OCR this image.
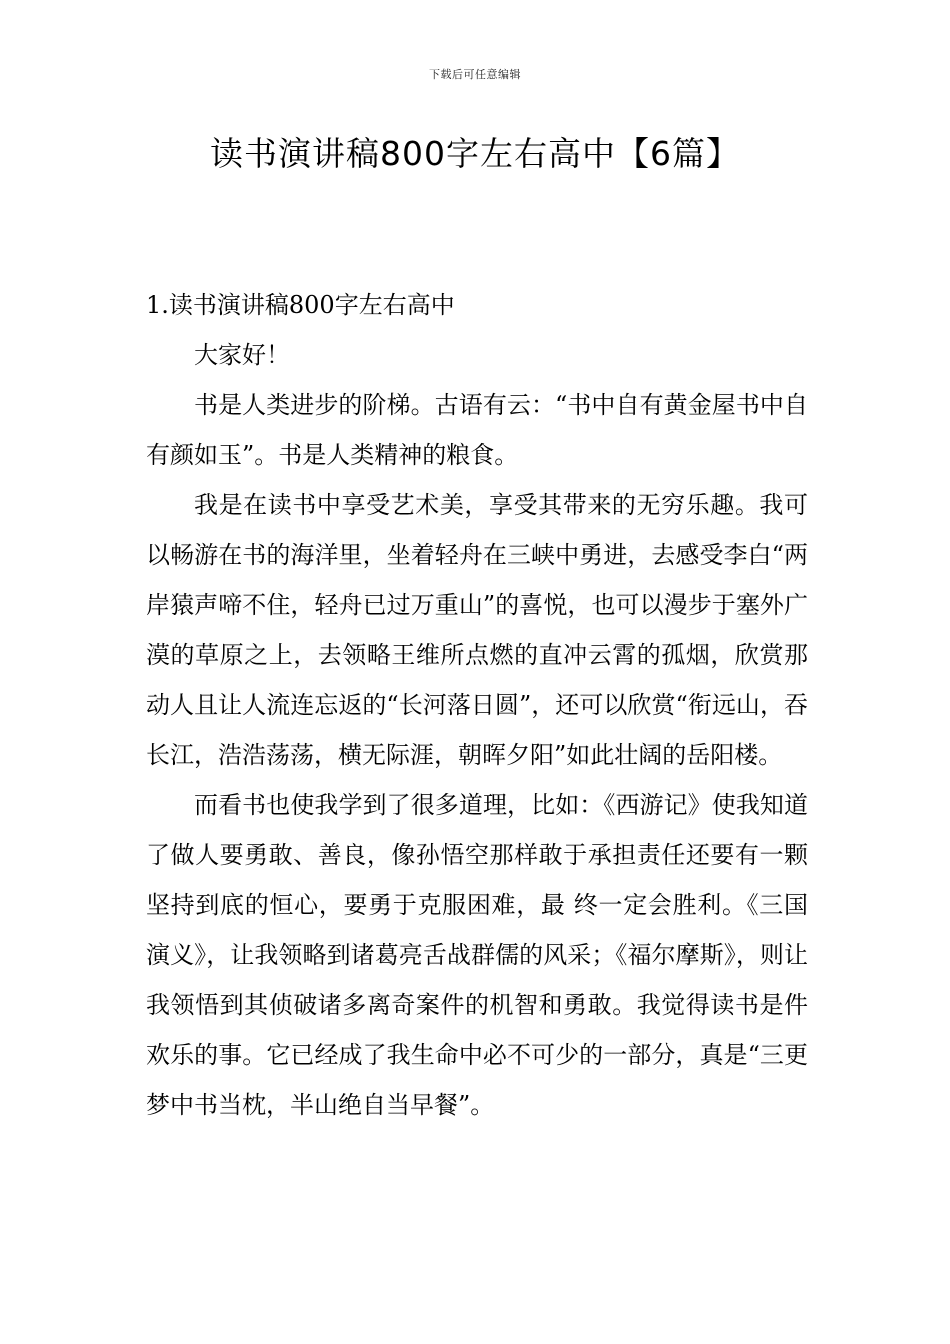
下载后可任意编辑
读书演讲稿800字左右高中【6篇】

1.读书演讲稿800字左右高中

大家好！

书是人类进步的阶梯。古语有云：“书中自有黄金屋书中自有颜如玉”。书是人类精神的粮食。

我是在读书中享受艺术美，享受其带来的无穷乐趣。我可以畅游在书的海洋里，坐着轻舟在三峡中勇进，去感受李白“两岸猿声啼不住，轻舟已过万重山”的喜悦，也可以漫步于塞外广漠的草原之上，去领略王维所点燃的直冲云霄的孤烟，欣赏那动人且让人流连忘返的“长河落日圆”，还可以欣赏“衔远山，吞长江，浩浩荡荡，横无际涯，朝晖夕阳”如此壮阔的岳阳楼。

而看书也使我学到了很多道理，比如：《西游记》使我知道了做人要勇敢、善良，像孙悟空那样敢于承担责任还要有一颗坚持到底的恒心，要勇于克服困难，最 终一定会胜利。《三国演义》，让我领略到诸葛亮舌战群儒的风采；《福尔摩斯》，则让我领悟到其侦破诸多离奇案件的机智和勇敢。我觉得读书是件欢乐的事。它已经成了我生命中必不可少的一部分，真是“三更梦中书当枕，半山绝自当早餐”。
